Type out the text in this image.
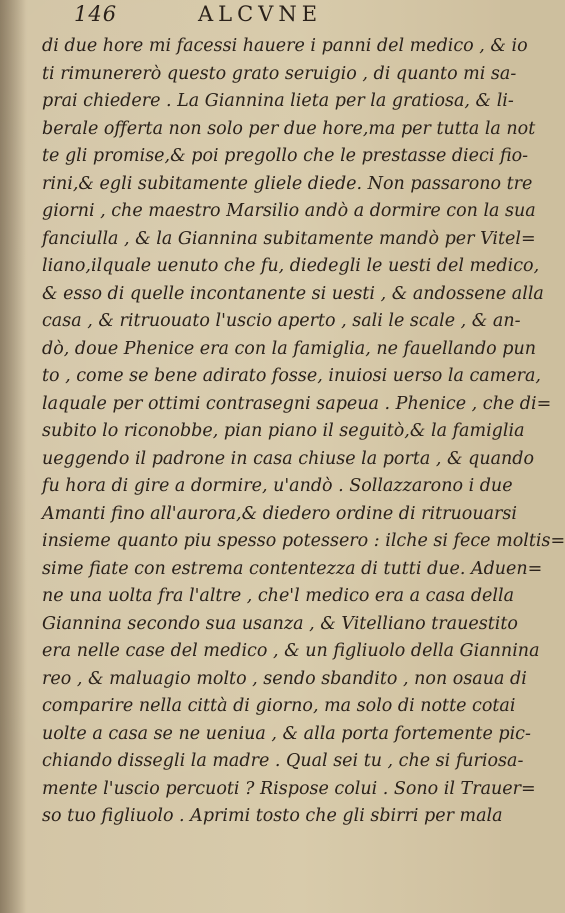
146	ALCVNE
di due hore mi facessi hauere i panni del medico , & io
ti rimunererò questo grato seruigio , di quanto mi sa-
prai chiedere . La Giannina lieta per la gratiosa, & li-
berale offerta non solo per due hore,ma per tutta la not
te gli promise,& poi pregollo che le prestasse dieci fio-
rini,& egli subitamente gliele diede. Non passarono tre
giorni , che maestro Marsilio andò a dormire con la sua
fanciulla , & la Giannina subitamente mandò per Vitel=
liano,ilquale uenuto che fu, diedegli le uesti del medico,
& esso di quelle incontanente si uesti , & andossene alla
casa , & ritruouato l'uscio aperto , sali le scale , & an-
dò, doue Phenice era con la famiglia, ne fauellando pun
to , come se bene adirato fosse, inuiosi uerso la camera,
laquale per ottimi contrasegni sapeua . Phenice , che di=
subito lo riconobbe, pian piano il seguitò,& la famiglia
ueggendo il padrone in casa chiuse la porta , & quando
fu hora di gire a dormire, u'andò . Sollazzarono i due
Amanti fino all'aurora,& diedero ordine di ritruouarsi
insieme quanto piu spesso potessero : ilche si fece moltis=
sime fiate con estrema contentezza di tutti due. Aduen=
ne una uolta fra l'altre , che'l medico era a casa della
Giannina secondo sua usanza , & Vitelliano trauestito
era nelle case del medico , & un figliuolo della Giannina
reo , & maluagio molto , sendo sbandito , non osaua di
comparire nella città di giorno, ma solo di notte cotai
uolte a casa se ne ueniua , & alla porta fortemente pic-
chiando dissegli la madre . Qual sei tu , che si furiosa-
mente l'uscio percuoti ? Rispose colui . Sono il Trauer=
so tuo figliuolo . Aprimi tosto che gli sbirri per mala
